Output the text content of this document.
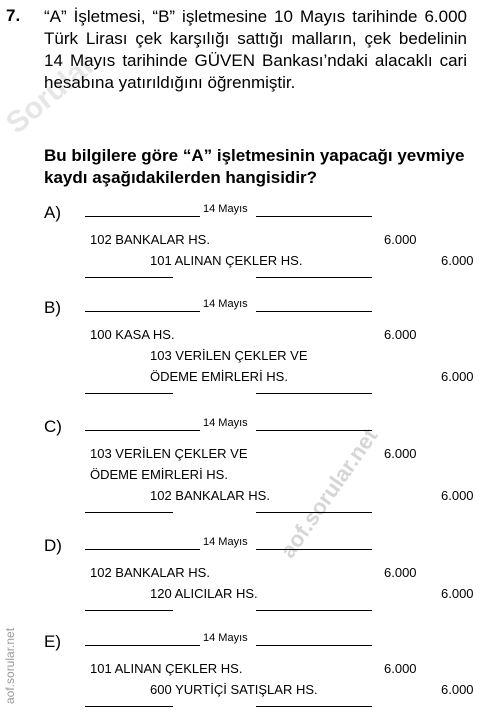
Sorular
aof.sorular.net
aof.sorular.net
7. “A” İşletmesi, “B” işletmesine 10 Mayıs tarihinde 6.000 Türk Lirası çek karşılığı sattığı malların, çek bedelinin 14 Mayıs tarihinde GÜVEN Bankası’ndaki alacaklı cari hesabına yatırıldığını öğrenmiştir.
Bu bilgilere göre “A” işletmesinin yapacağı yevmiye kaydı aşağıdakilerden hangisidir?
A)	14 Mayıs
102 BANKALAR HS.	6.000
101 ALINAN ÇEKLER HS.	6.000
B)	14 Mayıs
100 KASA HS.	6.000
103 VERİLEN ÇEKLER VE
ÖDEME EMİRLERİ HS.	6.000
C)	14 Mayıs
103 VERİLEN ÇEKLER VE
ÖDEME EMİRLERİ HS.
6.000
102 BANKALAR HS.	6.000
D)	14 Mayıs
102 BANKALAR HS.	6.000
120 ALICILAR HS.	6.000
E)	14 Mayıs
101 ALINAN ÇEKLER HS.	6.000
600 YURTİÇİ SATIŞLAR HS.	6.000
